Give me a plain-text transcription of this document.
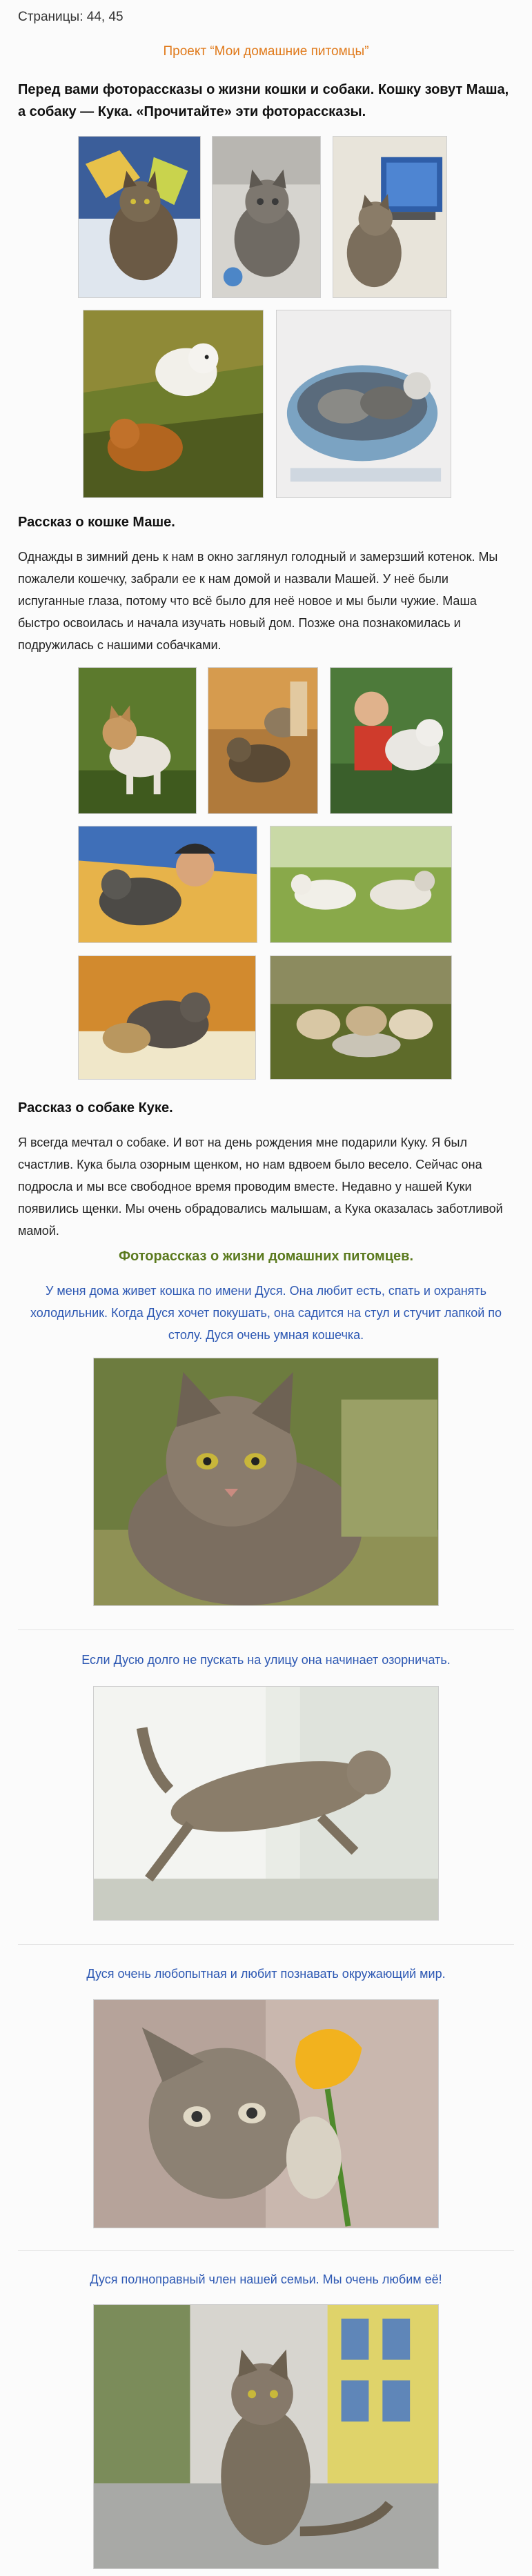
Страницы: 44, 45
Проект “Мои домашние питомцы”
Перед вами фоторассказы о жизни кошки и собаки. Кошку зовут Маша, а собаку — Кука. «Прочитайте» эти фоторассказы.
Рассказ о кошке Маше.
Однажды в зимний день к нам в окно заглянул голодный и замерзший котенок. Мы пожалели кошечку, забрали ее к нам домой и назвали Машей. У неё были испуганные глаза, потому что всё было для неё новое и мы были чужие. Маша быстро освоилась и начала изучать новый дом. Позже она познакомилась и подружилась с нашими собачками.
Рассказ о собаке Куке.
Я всегда мечтал о собаке. И вот на день рождения мне подарили Куку. Я был счастлив. Кука была озорным щенком, но нам вдвоем было весело. Сейчас она подросла и мы все свободное время проводим вместе. Недавно у нашей Куки появились щенки. Мы очень обрадовались малышам, а Кука оказалась заботливой мамой.
Фоторассказ о жизни домашних питомцев.
У меня дома живет кошка по имени Дуся. Она любит есть, спать и охранять холодильник. Когда Дуся хочет покушать, она садится на стул и стучит лапкой по столу. Дуся очень умная кошечка.
Если Дусю долго не пускать на улицу она начинает озорничать.
Дуся очень любопытная и любит познавать окружающий мир.
Дуся полноправный член нашей семьи. Мы очень любим её!
